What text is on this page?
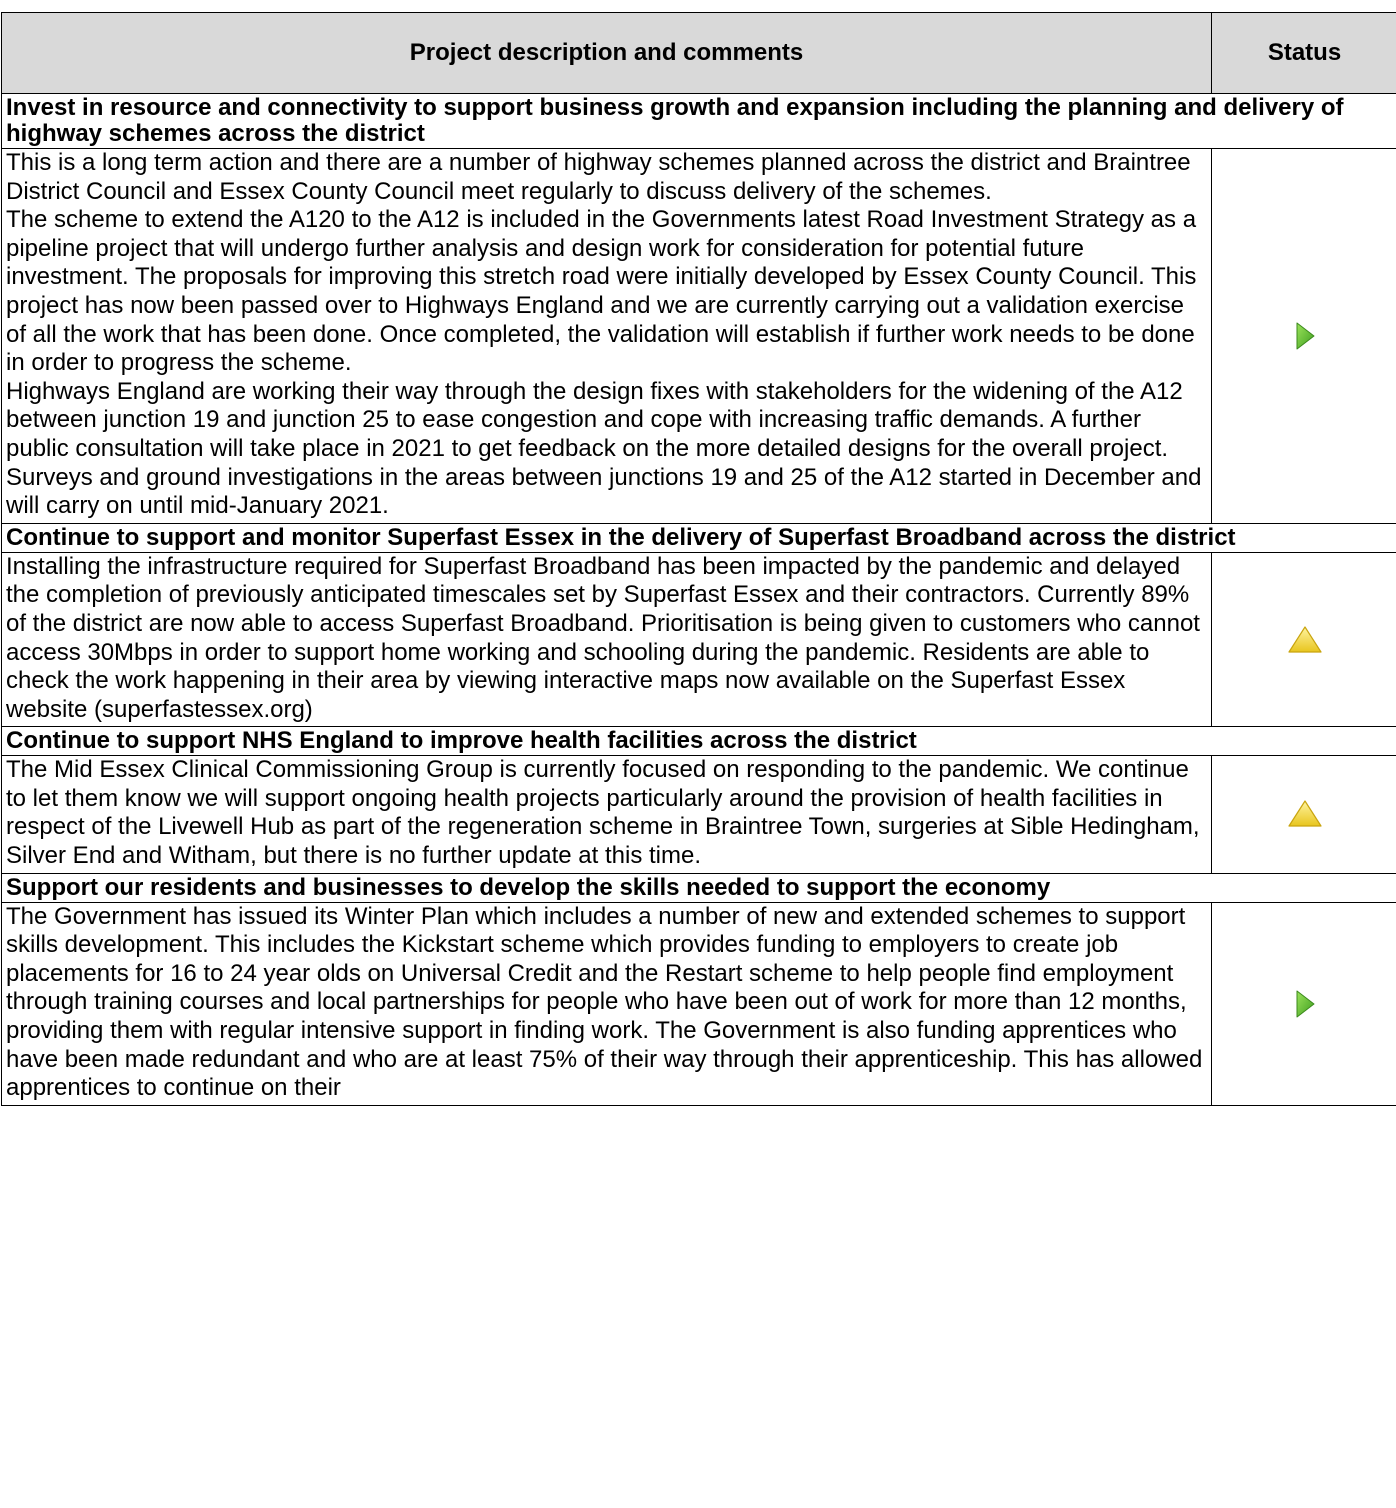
Project description and comments	Status
Invest in resource and connectivity to support business growth and expansion including the planning and delivery of highway schemes across the district	

This is a long term action and there are a number of highway schemes planned across the district and Braintree District Council and Essex County Council meet regularly to discuss delivery of the schemes.
The scheme to extend the A120 to the A12 is included in the Governments latest Road Investment Strategy as a pipeline project that will undergo further analysis and design work for consideration for potential future investment. The proposals for improving this stretch road were initially developed by Essex County Council. This project has now been passed over to Highways England and we are currently carrying out a validation exercise of all the work that has been done. Once completed, the validation will establish if further work needs to be done in order to progress the scheme.
Highways England are working their way through the design fixes with stakeholders for the widening of the A12 between junction 19 and junction 25 to ease congestion and cope with increasing traffic demands. A further public consultation will take place in 2021 to get feedback on the more detailed designs for the overall project. Surveys and ground investigations in the areas between junctions 19 and 25 of the A12 started in December and will carry on until mid-January 2021.

Continue to support and monitor Superfast Essex in the delivery of Superfast Broadband across the district	

Installing the infrastructure required for Superfast Broadband has been impacted by the pandemic and delayed the completion of previously anticipated timescales set by Superfast Essex and their contractors. Currently 89% of the district are now able to access Superfast Broadband. Prioritisation is being given to customers who cannot access 30Mbps in order to support home working and schooling during the pandemic. Residents are able to check the work happening in their area by viewing interactive maps now available on the Superfast Essex website (superfastessex.org)

Continue to support NHS England to improve health facilities across the district	

The Mid Essex Clinical Commissioning Group is currently focused on responding to the pandemic. We continue to let them know we will support ongoing health projects particularly around the provision of health facilities in respect of the Livewell Hub as part of the regeneration scheme in Braintree Town, surgeries at Sible Hedingham, Silver End and Witham, but there is no further update at this time.

Support our residents and businesses to develop the skills needed to support the economy	

The Government has issued its Winter Plan which includes a number of new and extended schemes to support skills development. This includes the Kickstart scheme which provides funding to employers to create job placements for 16 to 24 year olds on Universal Credit and the Restart scheme to help people find employment through training courses and local partnerships for people who have been out of work for more than 12 months, providing them with regular intensive support in finding work. The Government is also funding apprentices who have been made redundant and who are at least 75% of their way through their apprenticeship. This has allowed apprentices to continue on their
